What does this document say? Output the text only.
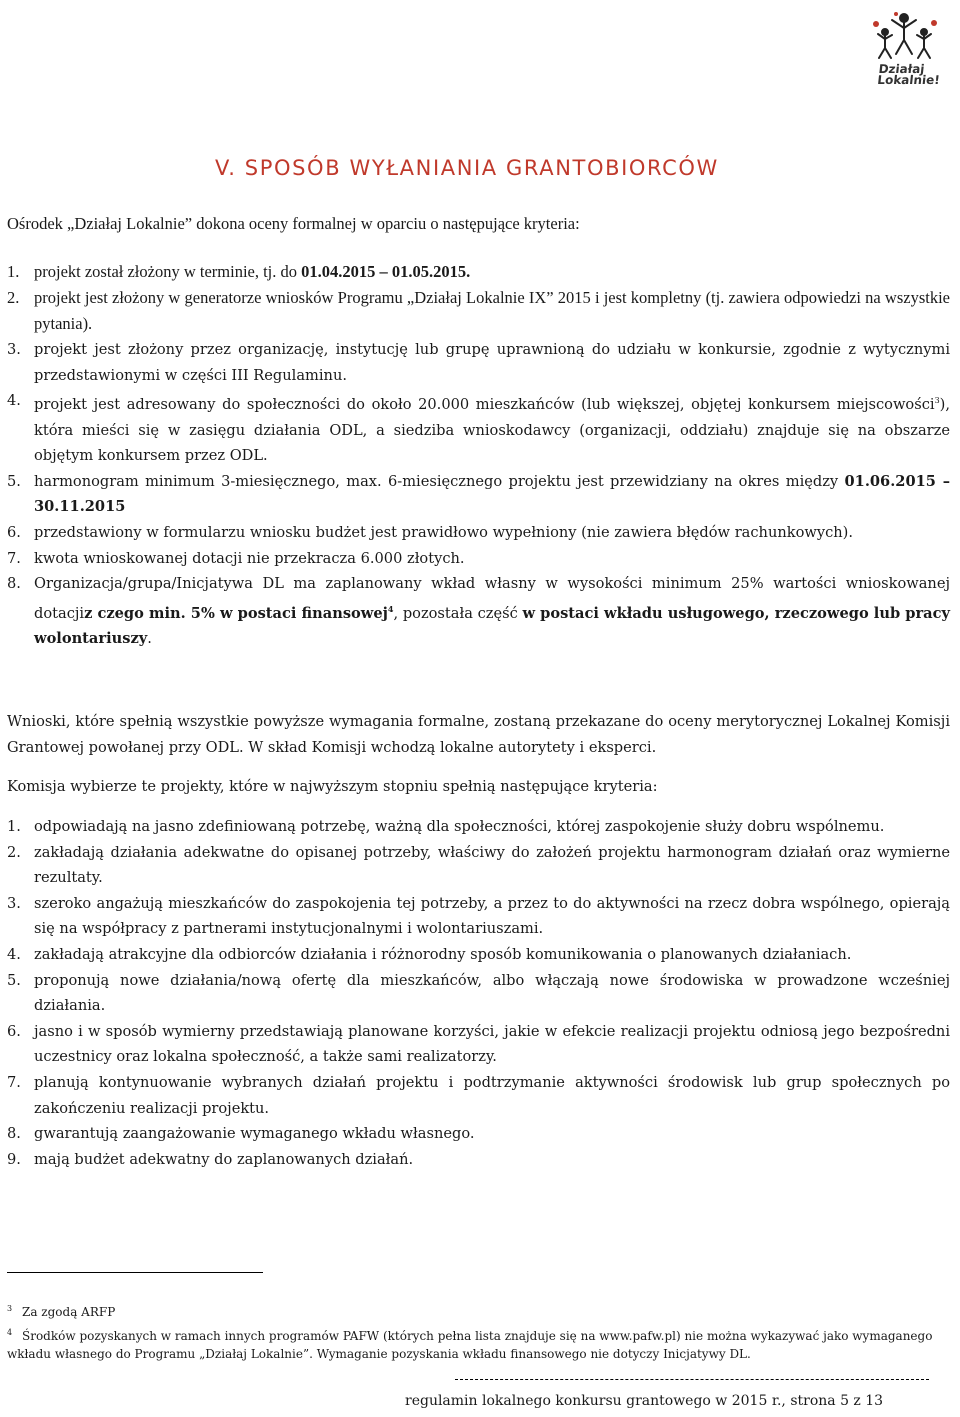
Działaj
Lokalnie!
V. SPOSÓB WYŁANIANIA GRANTOBIORCÓW

Ośrodek „Działaj Lokalnie” dokona oceny formalnej w oparciu o następujące kryteria:

1. projekt został złożony w terminie, tj. do 01.04.2015 – 01.05.2015.
2. projekt jest złożony w generatorze wniosków Programu „Działaj Lokalnie IX” 2015 i jest kompletny (tj. zawiera odpowiedzi na wszystkie pytania).
3. projekt jest złożony przez organizację, instytucję lub grupę uprawnioną do udziału w konkursie, zgodnie z wytycznymi przedstawionymi w części III Regulaminu.
4. projekt jest adresowany do społeczności do około 20.000 mieszkańców (lub większej, objętej konkursem miejscowości$^3$), która mieści się w zasięgu działania ODL, a siedziba wnioskodawcy (organizacji, oddziału) znajduje się na obszarze objętym konkursem przez ODL.
5. harmonogram minimum 3-miesięcznego, max. 6-miesięcznego projektu jest przewidziany na okres między 01.06.2015 – 30.11.2015
6. przedstawiony w formularzu wniosku budżet jest prawidłowo wypełniony (nie zawiera błędów rachunkowych).
7. kwota wnioskowanej dotacji nie przekracza 6.000 złotych.
8. Organizacja/grupa/Inicjatywa DL ma zaplanowany wkład własny w wysokości minimum 25% wartości wnioskowanej dotacjiz czego min. 5% w postaci finansowej$^4$, pozostała część w postaci wkładu usługowego, rzeczowego lub pracy wolontariuszy.

Wnioski, które spełnią wszystkie powyższe wymagania formalne, zostaną przekazane do oceny merytorycznej Lokalnej Komisji Grantowej powołanej przy ODL. W skład Komisji wchodzą lokalne autorytety i eksperci.

Komisja wybierze te projekty, które w najwyższym stopniu spełnią następujące kryteria:

1. odpowiadają na jasno zdefiniowaną potrzebę, ważną dla społeczności, której zaspokojenie służy dobru wspólnemu.
2. zakładają działania adekwatne do opisanej potrzeby, właściwy do założeń projektu harmonogram działań oraz wymierne rezultaty.
3. szeroko angażują mieszkańców do zaspokojenia tej potrzeby, a przez to do aktywności na rzecz dobra wspólnego, opierają się na współpracy z partnerami instytucjonalnymi i wolontariuszami.
4. zakładają atrakcyjne dla odbiorców działania i różnorodny sposób komunikowania o planowanych działaniach.
5. proponują nowe działania/nową ofertę dla mieszkańców, albo włączają nowe środowiska w prowadzone wcześniej działania.
6. jasno i w sposób wymierny przedstawiają planowane korzyści, jakie w efekcie realizacji projektu odniosą jego bezpośredni uczestnicy oraz lokalna społeczność, a także sami realizatorzy.
7. planują kontynuowanie wybranych działań projektu i podtrzymanie aktywności środowisk lub grup społecznych po zakończeniu realizacji projektu.
8. gwarantują zaangażowanie wymaganego wkładu własnego.
9. mają budżet adekwatny do zaplanowanych działań.

3 Za zgodą ARFP

4 Środków pozyskanych w ramach innych programów PAFW (których pełna lista znajduje się na www.pafw.pl) nie można wykazywać jako wymaganego wkładu własnego do Programu „Działaj Lokalnie”. Wymaganie pozyskania wkładu finansowego nie dotyczy Inicjatywy DL.

regulamin lokalnego konkursu grantowego w 2015 r., strona 5 z 13
